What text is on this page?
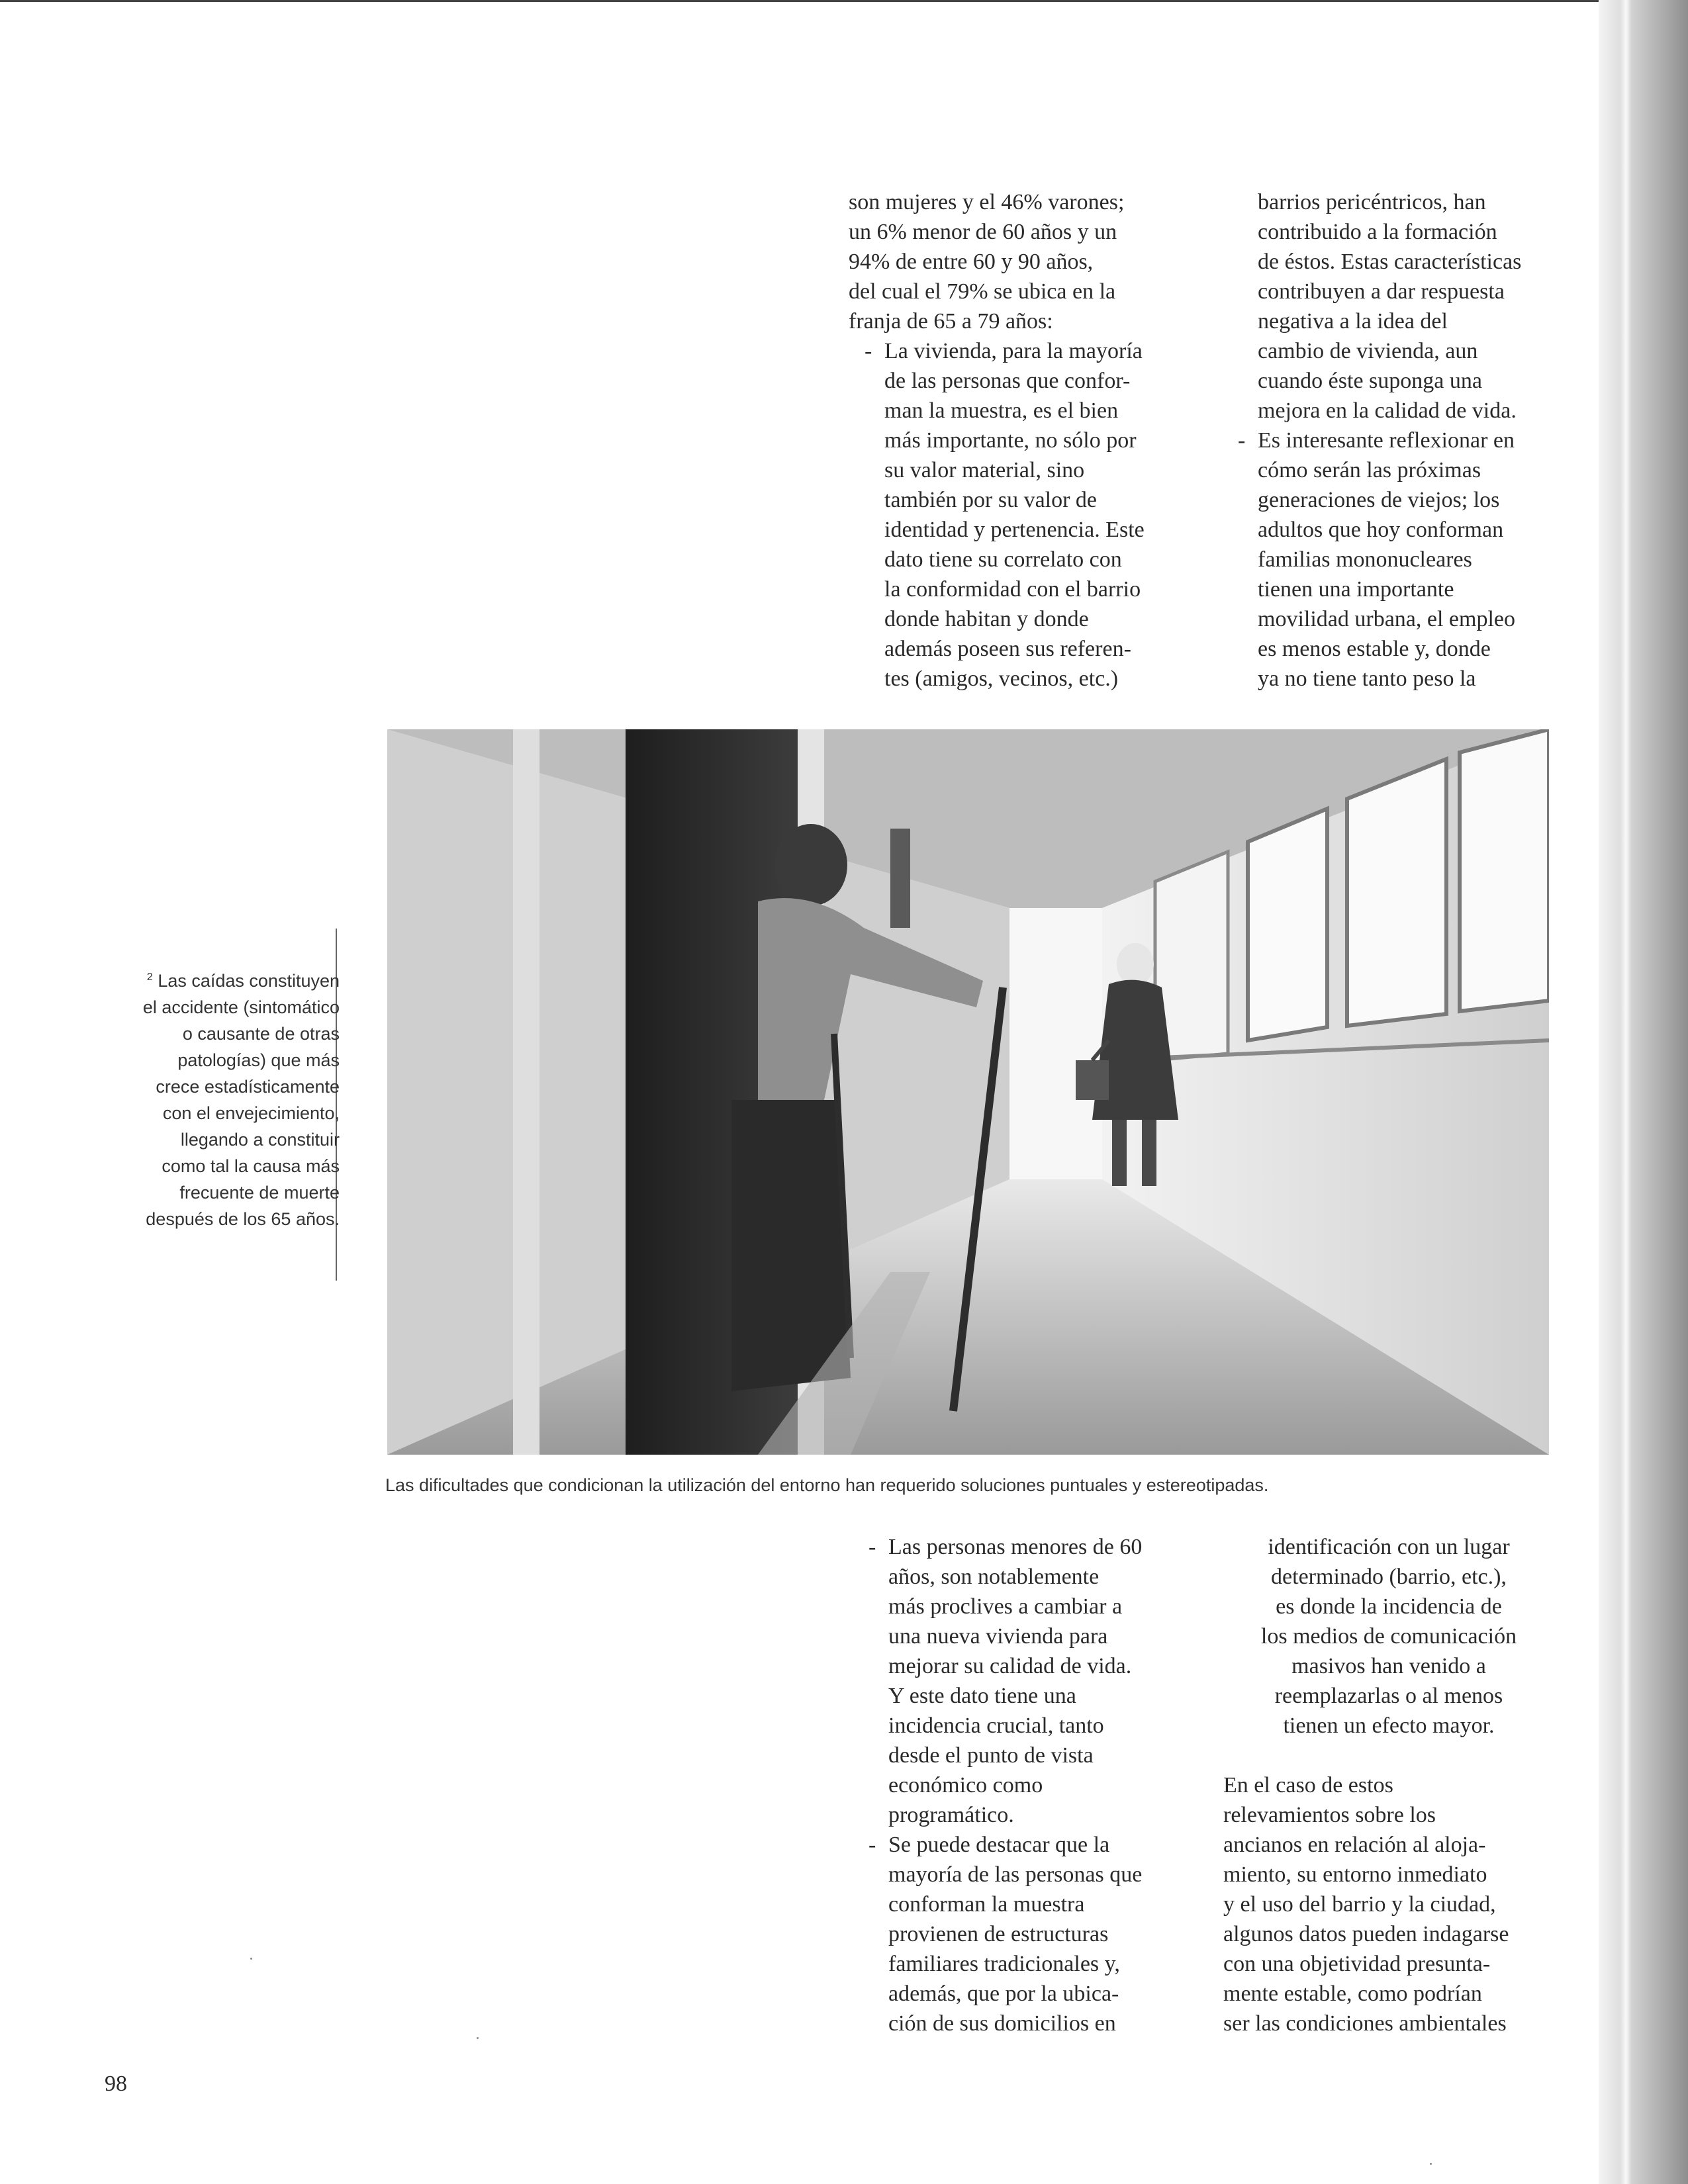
son mujeres y el 46% varones;

un 6% menor de 60 años y un

94% de entre 60 y 90 años,

del cual el 79% se ubica en la

franja de 65 a 79 años:

- La vivienda, para la mayoría

de las personas que confor-

man la muestra, es el bien

más importante, no sólo por

su valor material, sino

también por su valor de

identidad y pertenencia. Este

dato tiene su correlato con

la conformidad con el barrio

donde habitan y donde

además poseen sus referen-

tes (amigos, vecinos, etc.)

barrios pericéntricos, han

contribuido a la formación

de éstos. Estas características

contribuyen a dar respuesta

negativa a la idea del

cambio de vivienda, aun

cuando éste suponga una

mejora en la calidad de vida.

- Es interesante reflexionar en

cómo serán las próximas

generaciones de viejos; los

adultos que hoy conforman

familias mononucleares

tienen una importante

movilidad urbana, el empleo

es menos estable y, donde

ya no tiene tanto peso la

Las dificultades que condicionan la utilización del entorno han requerido soluciones puntuales y estereotipadas.
$^2$ Las caídas constituyen
el accidente (sintomático
o causante de otras
patologías) que más
crece estadísticamente
con el envejecimiento,
llegando a constituir
como tal la causa más
frecuente de muerte
después de los 65 años.
- Las personas menores de 60

años, son notablemente

más proclives a cambiar a

una nueva vivienda para

mejorar su calidad de vida.

Y este dato tiene una

incidencia crucial, tanto

desde el punto de vista

económico como

programático.

- Se puede destacar que la

mayoría de las personas que

conforman la muestra

provienen de estructuras

familiares tradicionales y,

además, que por la ubica-

ción de sus domicilios en

identificación con un lugar

determinado (barrio, etc.),

es donde la incidencia de

los medios de comunicación

masivos han venido a

reemplazarlas o al menos

tienen un efecto mayor.

En el caso de estos

relevamientos sobre los

ancianos en relación al alojа-

miento, su entorno inmediato

y el uso del barrio y la ciudad,

algunos datos pueden indagarse

con una objetividad presunta-

mente estable, como podrían

ser las condiciones ambientales

98
